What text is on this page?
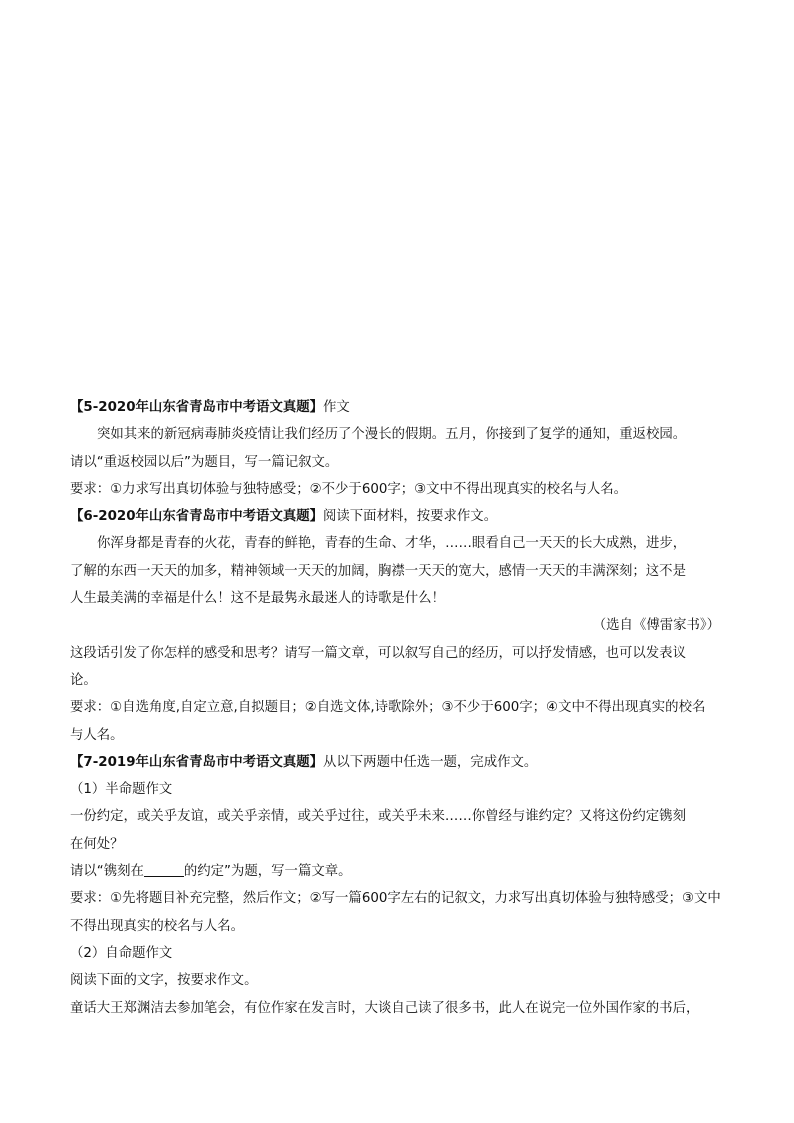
【5-2020年山东省青岛市中考语文真题】作文
突如其来的新冠病毒肺炎疫情让我们经历了个漫长的假期。五月，你接到了复学的通知，重返校园。
请以“重返校园以后”为题目，写一篇记叙文。
要求：①力求写出真切体验与独特感受；②不少于600字；③文中不得出现真实的校名与人名。
【6-2020年山东省青岛市中考语文真题】阅读下面材料，按要求作文。
你浑身都是青春的火花，青春的鲜艳，青春的生命、才华，……眼看自己一天天的长大成熟，进步，
了解的东西一天天的加多，精神领域一天天的加阔，胸襟一天天的宽大，感情一天天的丰满深刻；这不是
人生最美满的幸福是什么！这不是最隽永最迷人的诗歌是什么！
（选自《傅雷家书》）
这段话引发了你怎样的感受和思考？请写一篇文章，可以叙写自己的经历，可以抒发情感，也可以发表议
论。
要求：①自选角度,自定立意,自拟题目；②自选文体,诗歌除外；③不少于600字；④文中不得出现真实的校名
与人名。
【7-2019年山东省青岛市中考语文真题】从以下两题中任选一题，完成作文。
（1）半命题作文
一份约定，或关乎友谊，或关乎亲情，或关乎过往，或关乎未来……你曾经与谁约定？又将这份约定镌刻
在何处？
请以“镌刻在	的约定”为题，写一篇文章。
要求：①先将题目补充完整，然后作文；②写一篇600字左右的记叙文，力求写出真切体验与独特感受；③文中
不得出现真实的校名与人名。
（2）自命题作文
阅读下面的文字，按要求作文。
童话大王郑渊洁去参加笔会，有位作家在发言时，大谈自己读了很多书，此人在说完一位外国作家的书后，
